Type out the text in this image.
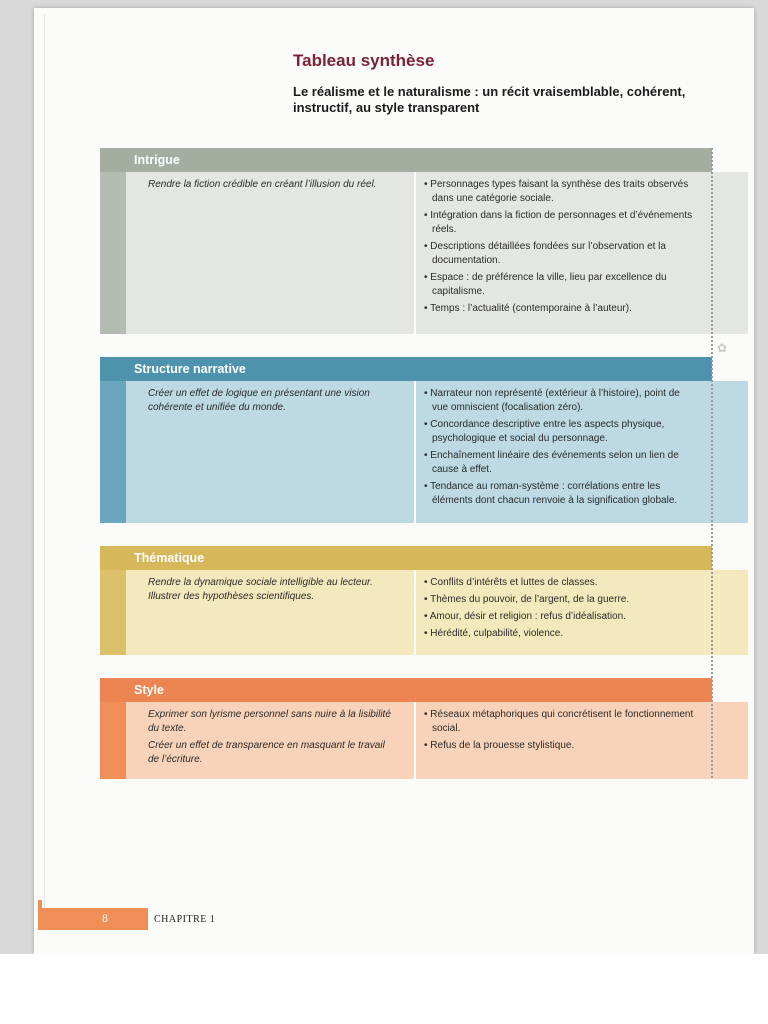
Tableau synthèse
Le réalisme et le naturalisme : un récit vraisemblable, cohérent, instructif, au style transparent
Intrigue

Rendre la fiction crédible en créant l’illusion du réel.

•	Personnages types faisant la synthèse des traits observés dans une catégorie sociale.
• Intégration dans la fiction de personnages et d’événements réels.
• Descriptions détaillées fondées sur l’observation et la documentation.
• Espace : de préférence la ville, lieu par excellence du capitalisme.
• Temps : l’actualité (contemporaine à l’auteur).
Structure narrative

Créer un effet de logique en présentant une vision cohérente et unifiée du monde.

• Narrateur non représenté (extérieur à l’histoire), point de vue omniscient (focalisation zéro).
• Concordance descriptive entre les aspects physique, psychologique et social du personnage.
• Enchaînement linéaire des événements selon un lien de cause à effet.
• Tendance au roman-système : corrélations entre les éléments dont chacun renvoie à la signification globale.
Thématique

Rendre la dynamique sociale intelligible au lecteur.

Illustrer des hypothèses scientifiques.

• Conflits d’intérêts et luttes de classes.
• Thèmes du pouvoir, de l’argent, de la guerre.
• Amour, désir et religion : refus d’idéalisation.
• Hérédité, culpabilité, violence.
Style

Exprimer son lyrisme personnel sans nuire à la lisibilité du texte.

Créer un effet de transparence en masquant le travail de l’écriture.

• Réseaux métaphoriques qui concrétisent le fonctionnement social.
• Refus de la prouesse stylistique.
✿
8	CHAPITRE 1
